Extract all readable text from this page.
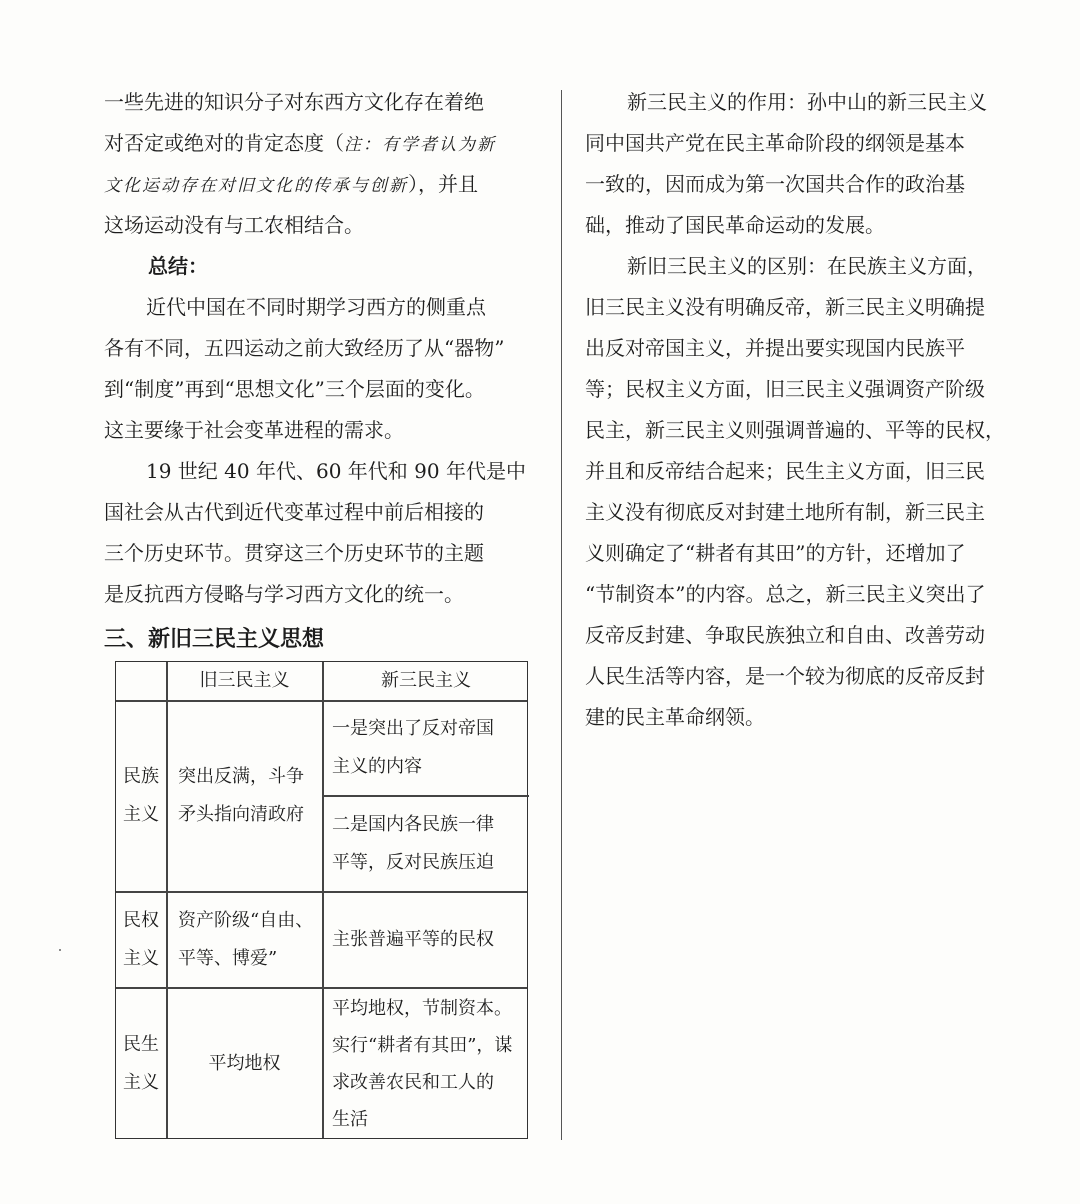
一些先进的知识分子对东西方文化存在着绝
对否定或绝对的肯定态度（注：有学者认为新
文化运动存在对旧文化的传承与创新），并且
这场运动没有与工农相结合。
总结：
近代中国在不同时期学习西方的侧重点
各有不同，五四运动之前大致经历了从“器物”
到“制度”再到“思想文化”三个层面的变化。
这主要缘于社会变革进程的需求。
19 世纪 40 年代、60 年代和 90 年代是中
国社会从古代到近代变革过程中前后相接的
三个历史环节。贯穿这三个历史环节的主题
是反抗西方侵略与学习西方文化的统一。
三、新旧三民主义思想
旧三民主义	新三民主义
民族
主义
突出反满，斗争
矛头指向清政府
一是突出了反对帝国
主义的内容
二是国内各民族一律
平等，反对民族压迫
民权
主义
资产阶级“自由、
平等、博爱”
主张普遍平等的民权
民生
主义
平均地权
平均地权，节制资本。
实行“耕者有其田”，谋
求改善农民和工人的
生活
新三民主义的作用：孙中山的新三民主义
同中国共产党在民主革命阶段的纲领是基本
一致的，因而成为第一次国共合作的政治基
础，推动了国民革命运动的发展。
新旧三民主义的区别：在民族主义方面，
旧三民主义没有明确反帝，新三民主义明确提
出反对帝国主义，并提出要实现国内民族平
等；民权主义方面，旧三民主义强调资产阶级
民主，新三民主义则强调普遍的、平等的民权，
并且和反帝结合起来；民生主义方面，旧三民
主义没有彻底反对封建土地所有制，新三民主
义则确定了“耕者有其田”的方针，还增加了
“节制资本”的内容。总之，新三民主义突出了
反帝反封建、争取民族独立和自由、改善劳动
人民生活等内容，是一个较为彻底的反帝反封
建的民主革命纲领。
